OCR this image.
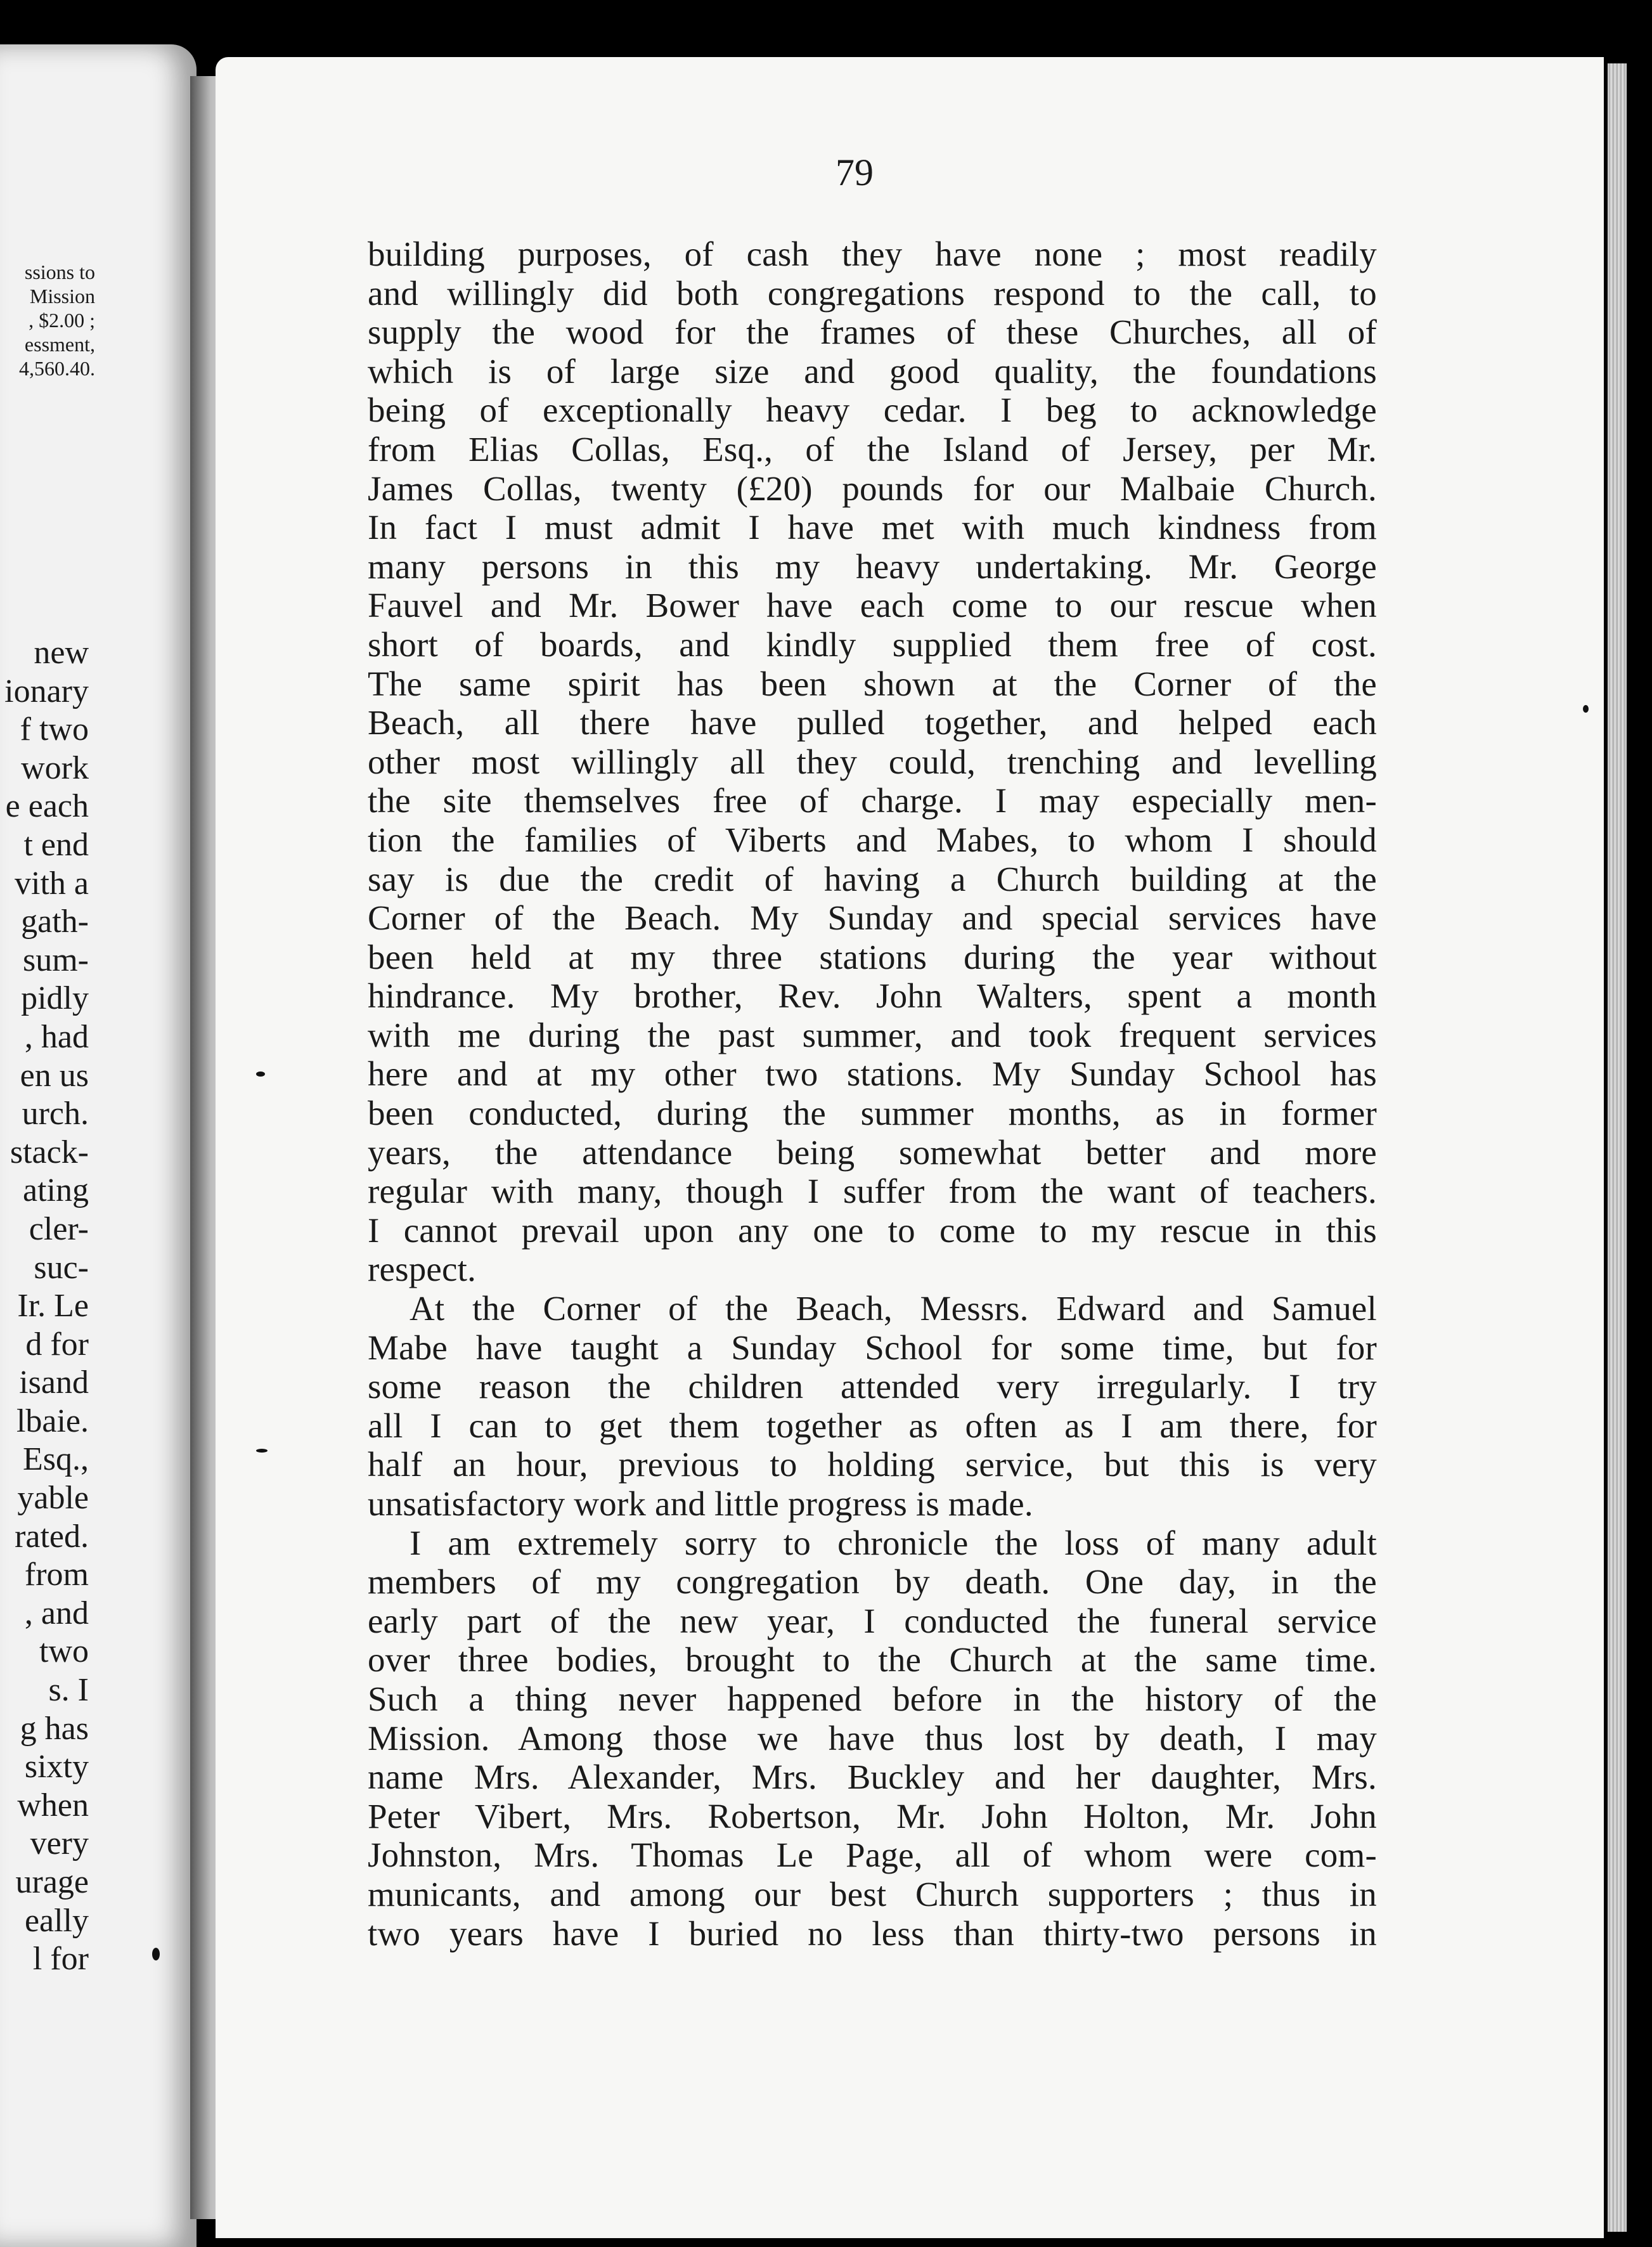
ssions to
Mission
, $2.00 ;
essment,
4,560.40.
new
ionary
f two
work
e each
t end
vith a
gath-
sum-
pidly
, had
en us
urch.
stack-
ating
cler-
suc-
Ir. Le
d for
isand
lbaie.
Esq.,
yable
rated.
from
, and
two
s. I
g has
sixty
when
very
urage
eally
l for
79
building purposes, of cash they have none ; most readily
and willingly did both congregations respond to the call, to
supply the wood for the frames of these Churches, all of
which is of large size and good quality, the foundations
being of exceptionally heavy cedar. I beg to acknowledge
from Elias Collas, Esq., of the Island of Jersey, per Mr.
James Collas, twenty (£20) pounds for our Malbaie Church.
In fact I must admit I have met with much kindness from
many persons in this my heavy undertaking. Mr. George
Fauvel and Mr. Bower have each come to our rescue when
short of boards, and kindly supplied them free of cost.
The same spirit has been shown at the Corner of the
Beach, all there have pulled together, and helped each
other most willingly all they could, trenching and levelling
the site themselves free of charge. I may especially men-
tion the families of Viberts and Mabes, to whom I should
say is due the credit of having a Church building at the
Corner of the Beach. My Sunday and special services have
been held at my three stations during the year without
hindrance. My brother, Rev. John Walters, spent a month
with me during the past summer, and took frequent services
here and at my other two stations. My Sunday School has
been conducted, during the summer months, as in former
years, the attendance being somewhat better and more
regular with many, though I suffer from the want of teachers.
I cannot prevail upon any one to come to my rescue in this
respect.
At the Corner of the Beach, Messrs. Edward and Samuel
Mabe have taught a Sunday School for some time, but for
some reason the children attended very irregularly. I try
all I can to get them together as often as I am there, for
half an hour, previous to holding service, but this is very
unsatisfactory work and little progress is made.
I am extremely sorry to chronicle the loss of many adult
members of my congregation by death. One day, in the
early part of the new year, I conducted the funeral service
over three bodies, brought to the Church at the same time.
Such a thing never happened before in the history of the
Mission. Among those we have thus lost by death, I may
name Mrs. Alexander, Mrs. Buckley and her daughter, Mrs.
Peter Vibert, Mrs. Robertson, Mr. John Holton, Mr. John
Johnston, Mrs. Thomas Le Page, all of whom were com-
municants, and among our best Church supporters ; thus in
two years have I buried no less than thirty-two persons in
